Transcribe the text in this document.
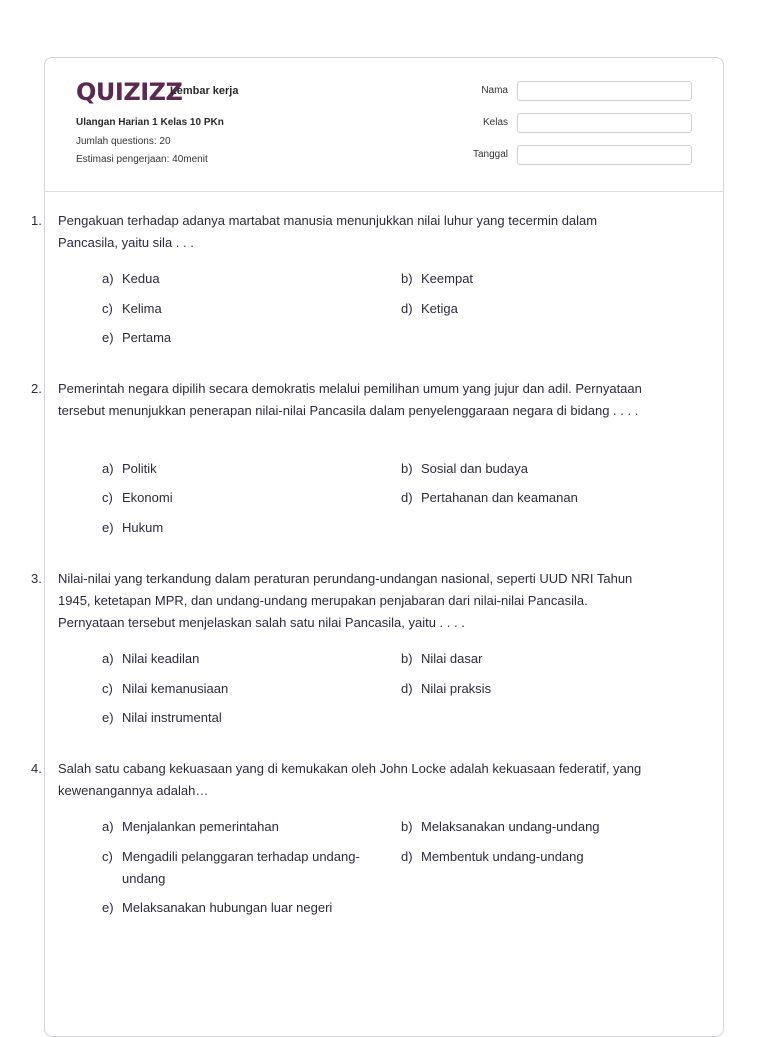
QUIZIZZ
Lembar kerja
Ulangan Harian 1 Kelas 10 PKn
Jumlah questions: 20
Estimasi pengerjaan: 40menit
Nama
Kelas
Tanggal
1. Pengakuan terhadap adanya martabat manusia menunjukkan nilai luhur yang tecermin dalam Pancasila, yaitu sila . . .
a) Kedua	b) Keempat
c) Kelima	d) Ketiga
e) Pertama
2. Pemerintah negara dipilih secara demokratis melalui pemilihan umum yang jujur dan adil. Pernyataan tersebut menunjukkan penerapan nilai-nilai Pancasila dalam penyelenggaraan negara di bidang . . . .
a) Politik	b) Sosial dan budaya
c) Ekonomi	d) Pertahanan dan keamanan
e) Hukum
3. Nilai-nilai yang terkandung dalam peraturan perundang-undangan nasional, seperti UUD NRI Tahun 1945, ketetapan MPR, dan undang-undang merupakan penjabaran dari nilai-nilai Pancasila. Pernyataan tersebut menjelaskan salah satu nilai Pancasila, yaitu . . . .
a) Nilai keadilan	b) Nilai dasar
c) Nilai kemanusiaan	d) Nilai praksis
e) Nilai instrumental
4. Salah satu cabang kekuasaan yang di kemukakan oleh John Locke adalah kekuasaan federatif, yang kewenangannya adalah…
a) Menjalankan pemerintahan	b) Melaksanakan undang-undang
c) Mengadili pelanggaran terhadap undang-undang
d) Membentuk undang-undang
e) Melaksanakan hubungan luar negeri
